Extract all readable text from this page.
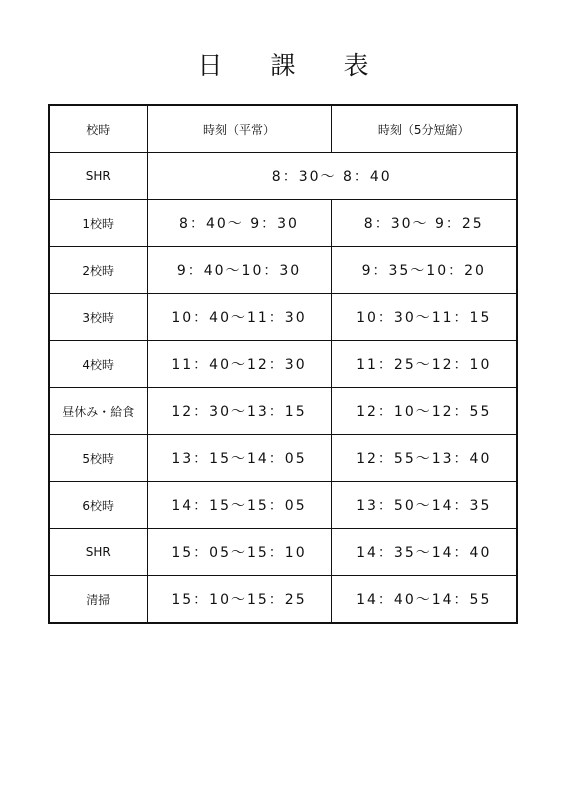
日 課 表
校時	時刻（平常）	時刻（5分短縮）
SHR	8：30～ 8：40	
1校時	8：40～ 9：30	8：30～ 9：25
2校時	9：40～10：30	9：35～10：20
3校時	10：40～11：30	10：30～11：15
4校時	11：40～12：30	11：25～12：10
昼休み・給食	12：30～13：15	12：10～12：55
5校時	13：15～14：05	12：55～13：40
6校時	14：15～15：05	13：50～14：35
SHR	15：05～15：10	14：35～14：40
清掃	15：10～15：25	14：40～14：55
